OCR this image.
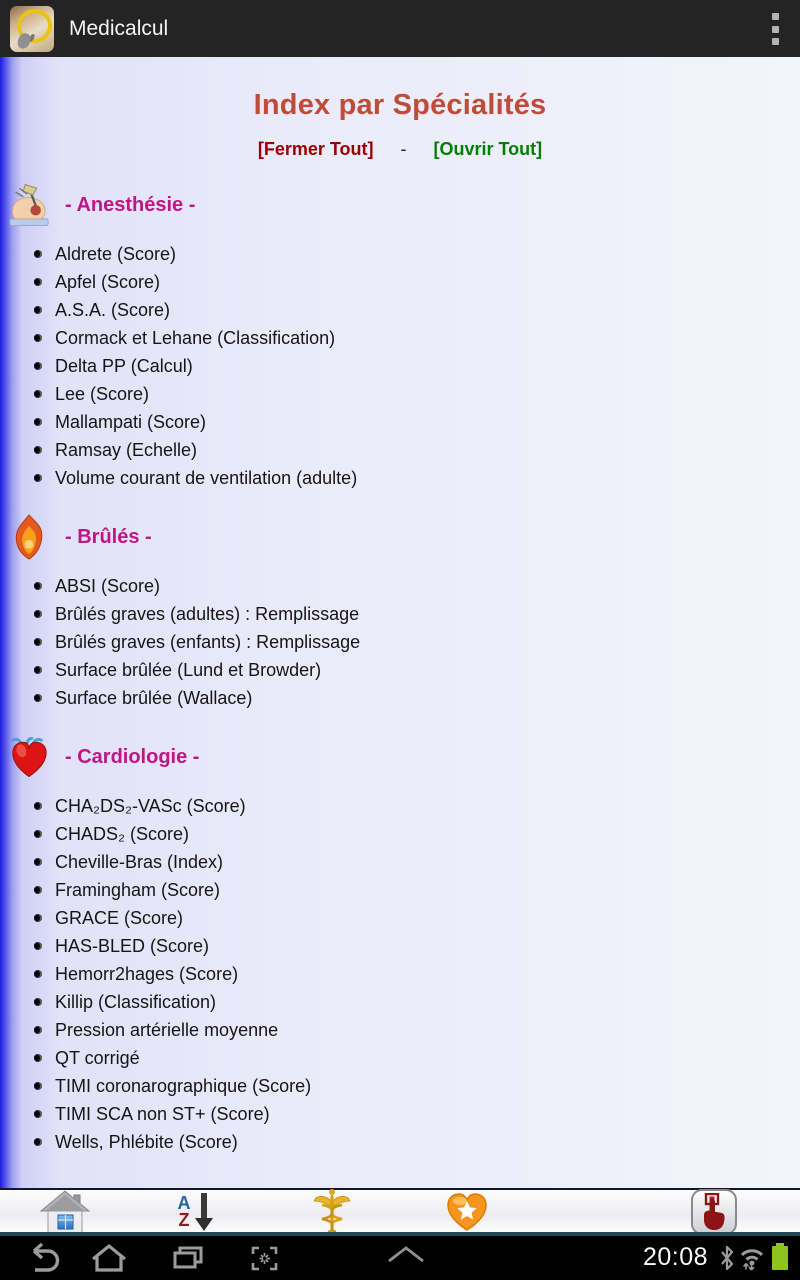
Medicalcul
Index par Spécialités
[Fermer Tout] - [Ouvrir Tout]
- Anesthésie -
Aldrete (Score)
Apfel (Score)
A.S.A. (Score)
Cormack et Lehane (Classification)
Delta PP (Calcul)
Lee (Score)
Mallampati (Score)
Ramsay (Echelle)
Volume courant de ventilation (adulte)
- Brûlés -
ABSI (Score)
Brûlés graves (adultes) : Remplissage
Brûlés graves (enfants) : Remplissage
Surface brûlée (Lund et Browder)
Surface brûlée (Wallace)
- Cardiologie -
CHA₂DS₂-VASc (Score)
CHADS₂ (Score)
Cheville-Bras (Index)
Framingham (Score)
GRACE (Score)
HAS-BLED (Score)
Hemorr2hages (Score)
Killip (Classification)
Pression artérielle moyenne
QT corrigé
TIMI coronarographique (Score)
TIMI SCA non ST+ (Score)
Wells, Phlébite (Score)
A
Z
20:08
